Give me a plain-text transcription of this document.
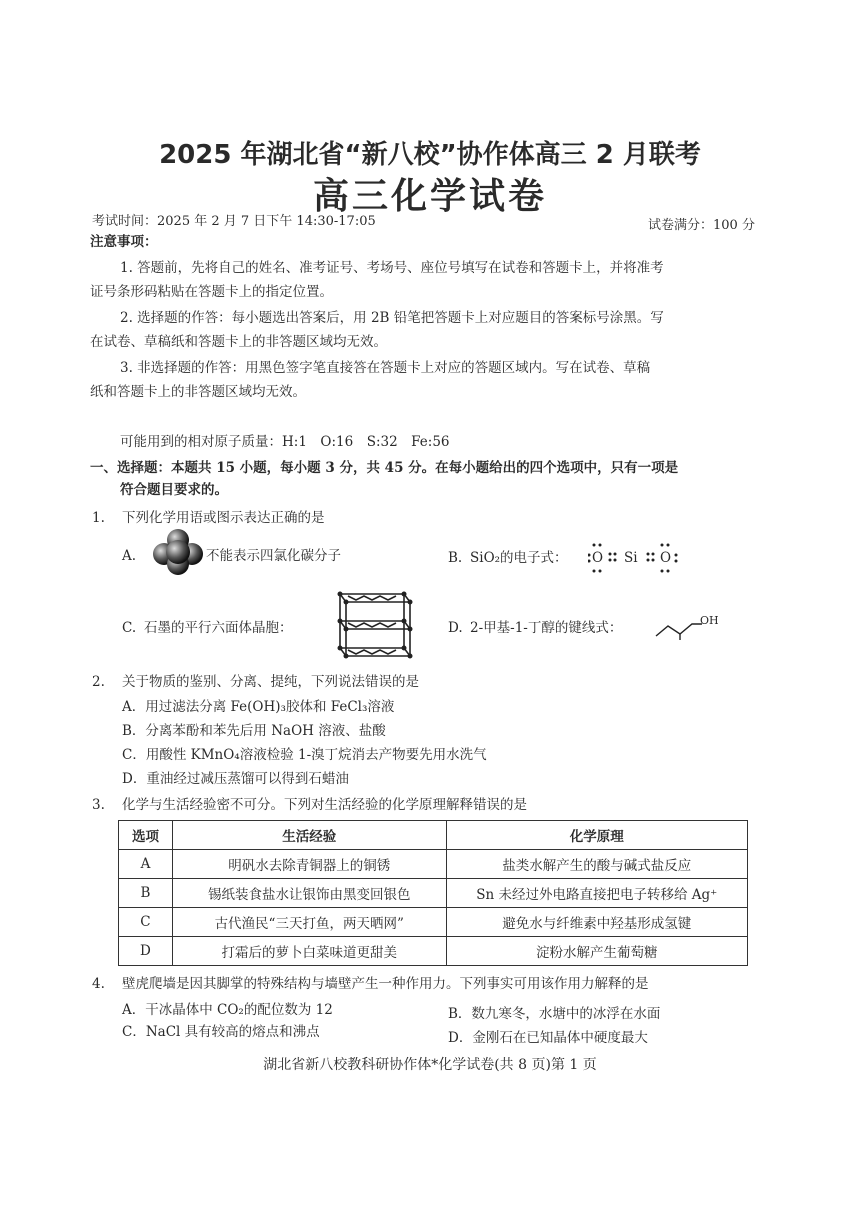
2025 年湖北省“新八校”协作体高三 2 月联考
高三化学试卷
考试时间：2025 年 2 月 7 日下午 14:30-17:05	试卷满分：100 分
注意事项：
1. 答题前，先将自己的姓名、准考证号、考场号、座位号填写在试卷和答题卡上，并将准考
证号条形码粘贴在答题卡上的指定位置。
2. 选择题的作答：每小题选出答案后，用 2B 铅笔把答题卡上对应题目的答案标号涂黑。写
在试卷、草稿纸和答题卡上的非答题区域均无效。
3. 非选择题的作答：用黑色签字笔直接答在答题卡上对应的答题区域内。写在试卷、草稿
纸和答题卡上的非答题区域均无效。
可能用到的相对原子质量：H:1　O:16　S:32　Fe:56
一、选择题：本题共 15 小题，每小题 3 分，共 45 分。在每小题给出的四个选项中，只有一项是
符合题目要求的。
1. 下列化学用语或图示表达正确的是
A.	不能表示四氯化碳分子	B. SiO₂的电子式： O Si O
C. 石墨的平行六面体晶胞：	D. 2-甲基-1-丁醇的键线式：	OH
2. 关于物质的鉴别、分离、提纯，下列说法错误的是
A．用过滤法分离 Fe(OH)₃胶体和 FeCl₃溶液
B．分离苯酚和苯先后用 NaOH 溶液、盐酸
C．用酸性 KMnO₄溶液检验 1-溴丁烷消去产物要先用水洗气
D．重油经过减压蒸馏可以得到石蜡油
3. 化学与生活经验密不可分。下列对生活经验的化学原理解释错误的是
选项	生活经验	化学原理
A	明矾水去除青铜器上的铜锈	盐类水解产生的酸与碱式盐反应
B	锡纸装食盐水让银饰由黑变回银色	Sn 未经过外电路直接把电子转移给 Ag⁺
C	古代渔民“三天打鱼，两天晒网”	避免水与纤维素中羟基形成氢键
D	打霜后的萝卜白菜味道更甜美	淀粉水解产生葡萄糖
4. 壁虎爬墙是因其脚掌的特殊结构与墙壁产生一种作用力。下列事实可用该作用力解释的是
A．干冰晶体中 CO₂的配位数为 12	B．数九寒冬，水塘中的冰浮在水面
C．NaCl 具有较高的熔点和沸点	D．金刚石在已知晶体中硬度最大
湖北省新八校教科研协作体*化学试卷(共 8 页)第 1 页
